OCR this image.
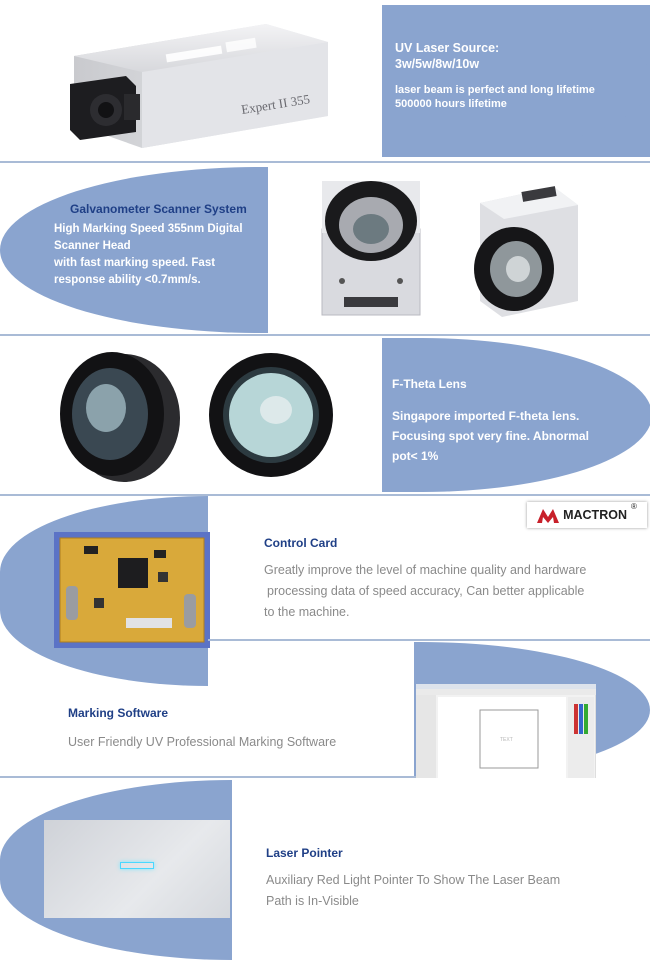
Expert II 355
UV Laser Source:
3w/5w/8w/10w
laser beam is perfect and long lifetime
500000 hours lifetime
Galvanometer Scanner System
High Marking Speed 355nm Digital
Scanner Head
with fast marking speed. Fast
response ability <0.7mm/s.
F-Theta Lens
Singapore imported F-theta lens.
Focusing spot very fine. Abnormal
pot< 1%
MACTRON
®
Control Card
Greatly improve the level of machine quality and hardware
processing data of speed accuracy, Can better applicable
to the machine.
Marking Software
User Friendly UV Professional Marking Software	TEXT
Laser Pointer
Auxiliary Red Light Pointer To Show The Laser Beam
Path is In-Visible
